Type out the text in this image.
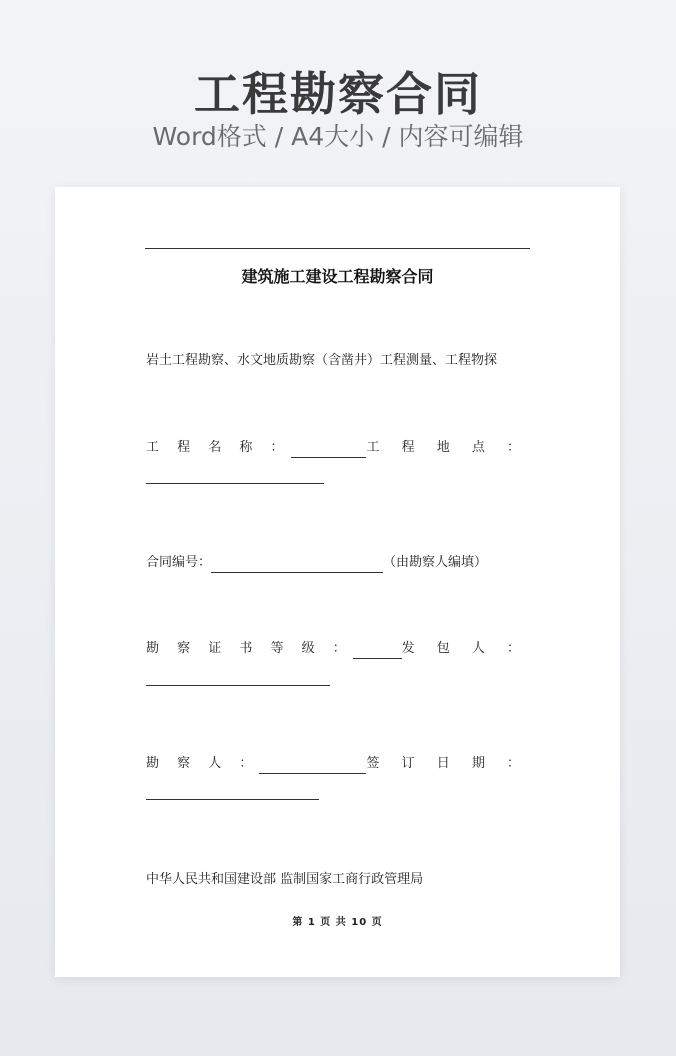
工程勘察合同
Word格式 / A4大小 / 内容可编辑
建筑施工建设工程勘察合同
岩土工程勘察、水文地质勘察（含凿井）工程测量、工程物探
工 程 名 称 ：	工 程 地 点 ：
合同编号：	（由勘察人编填）
勘 察 证 书 等 级 ：	发 包 人 ：
勘 察 人 ：	签 订 日 期 ：
中华人民共和国建设部 监制国家工商行政管理局
第 1 页 共 10 页
